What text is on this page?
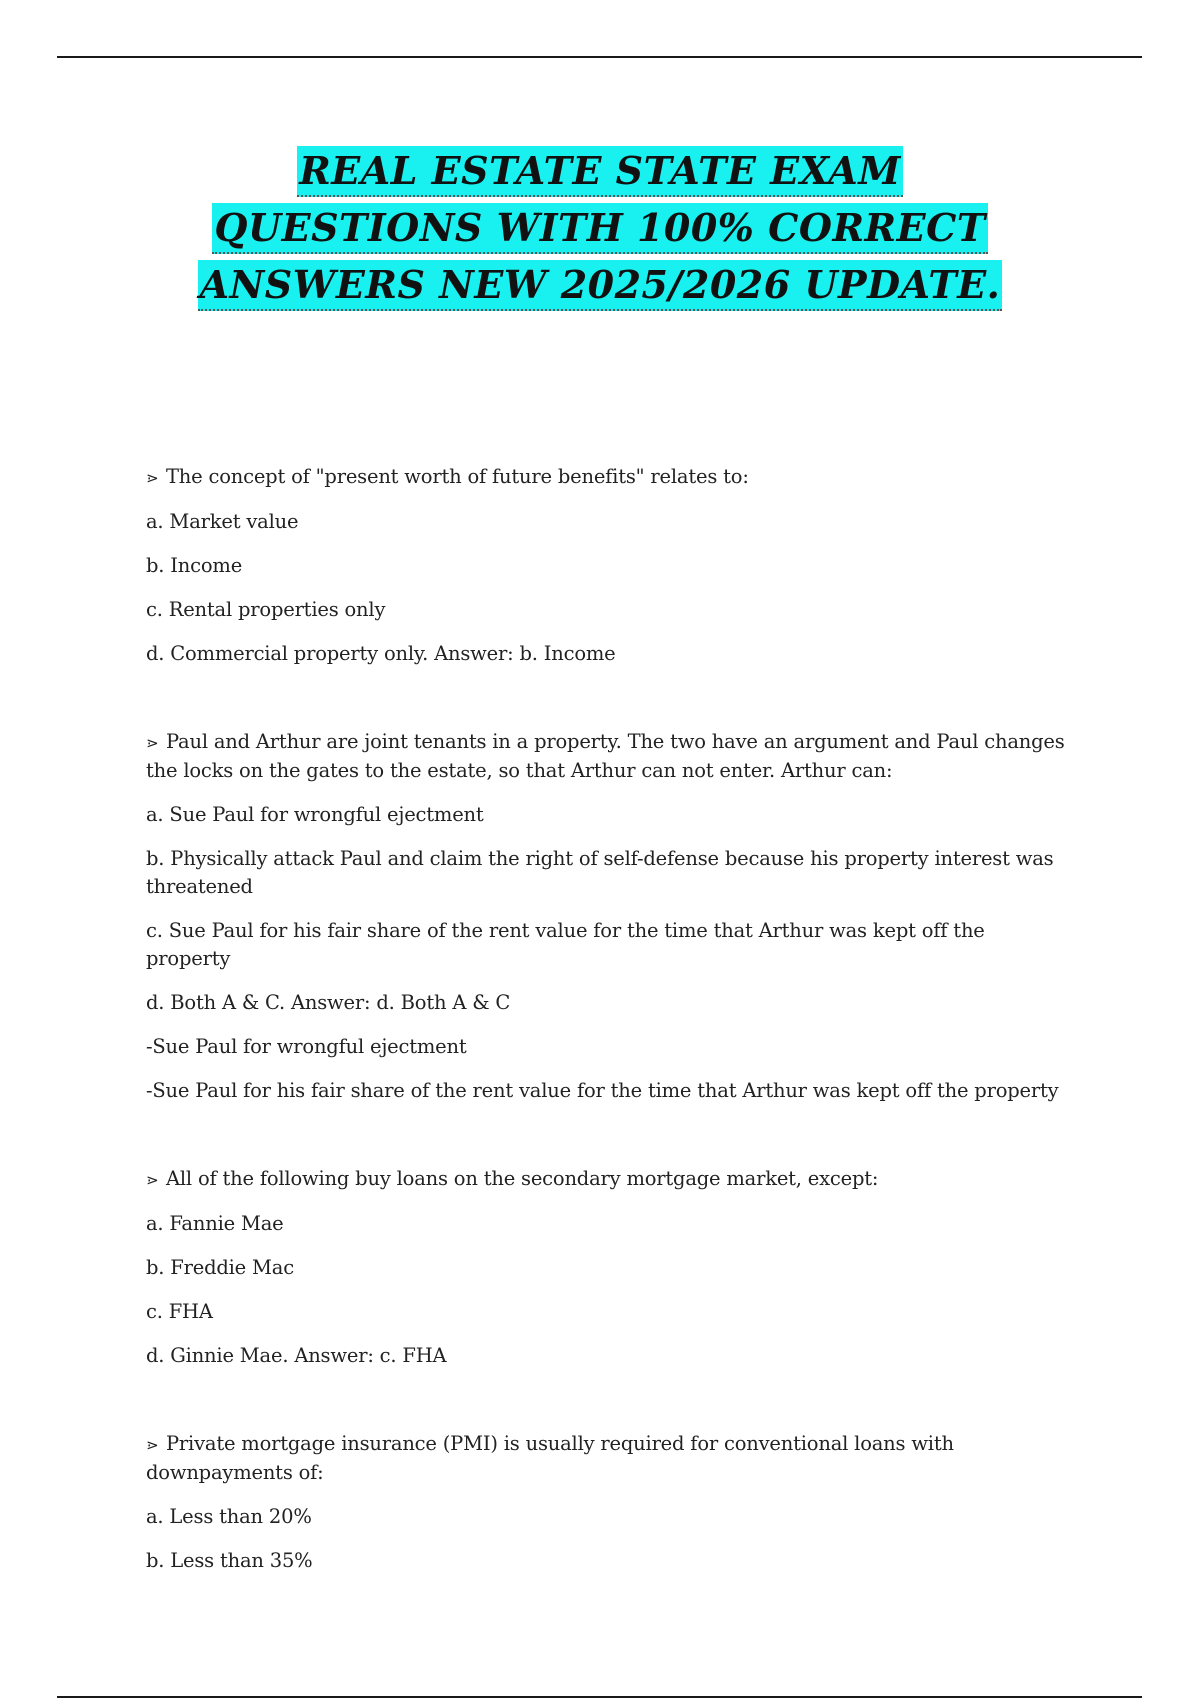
REAL ESTATE STATE EXAM
QUESTIONS WITH 100% CORRECT
ANSWERS NEW 2025/2026 UPDATE.
⋗ The concept of "present worth of future benefits" relates to:
a. Market value
b. Income
c. Rental properties only
d. Commercial property only. Answer: b. Income
⋗ Paul and Arthur are joint tenants in a property. The two have an argument and Paul changes the locks on the gates to the estate, so that Arthur can not enter. Arthur can:
a. Sue Paul for wrongful ejectment
b. Physically attack Paul and claim the right of self-defense because his property interest was threatened
c. Sue Paul for his fair share of the rent value for the time that Arthur was kept off the property
d. Both A & C. Answer: d. Both A & C
-Sue Paul for wrongful ejectment
-Sue Paul for his fair share of the rent value for the time that Arthur was kept off the property
⋗ All of the following buy loans on the secondary mortgage market, except:
a. Fannie Mae
b. Freddie Mac
c. FHA
d. Ginnie Mae. Answer: c. FHA
⋗ Private mortgage insurance (PMI) is usually required for conventional loans with downpayments of:
a. Less than 20%
b. Less than 35%
